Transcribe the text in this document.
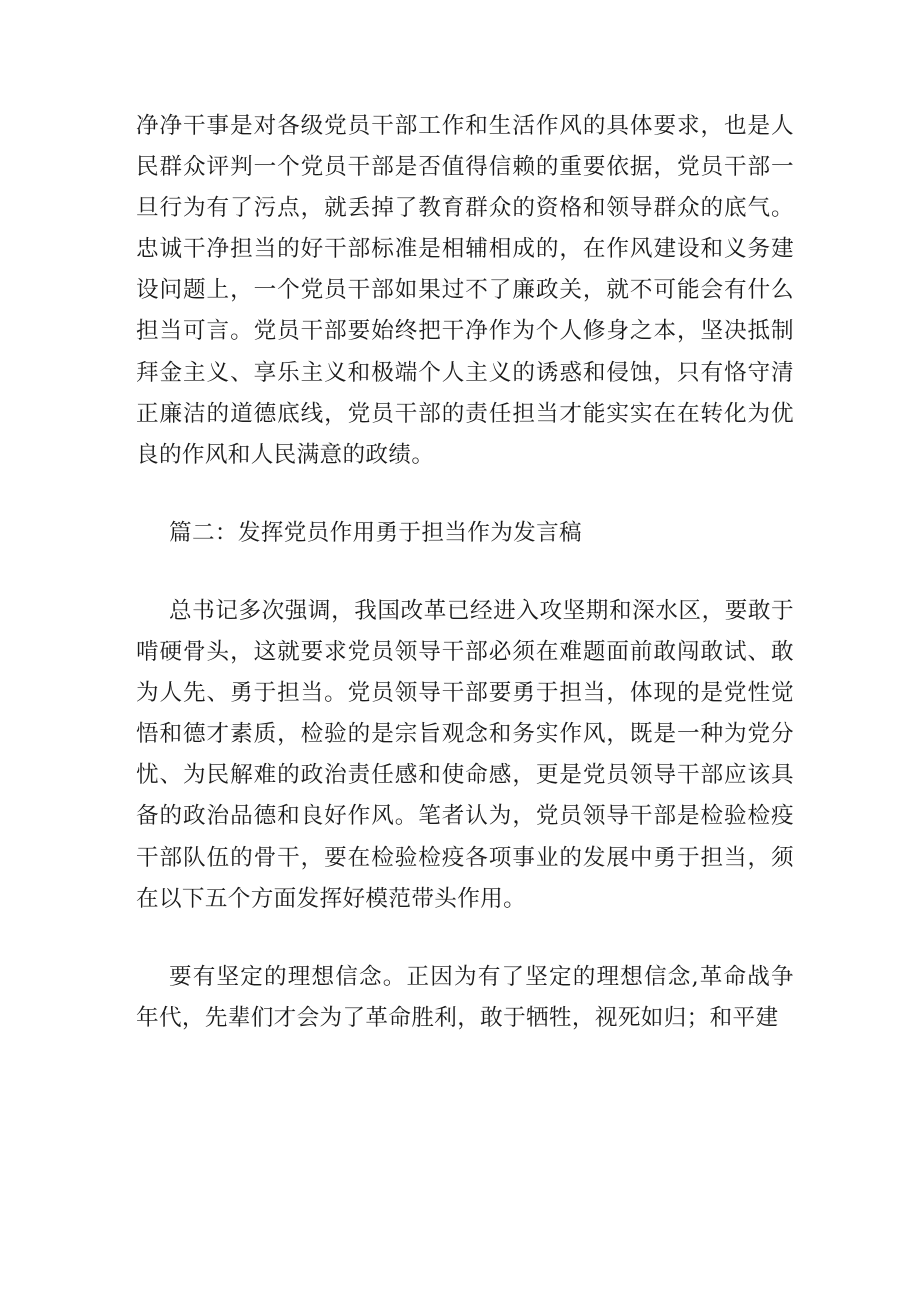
净净干事是对各级党员干部工作和生活作风的具体要求，也是人民群众评判一个党员干部是否值得信赖的重要依据，党员干部一旦行为有了污点，就丢掉了教育群众的资格和领导群众的底气。忠诚干净担当的好干部标准是相辅相成的，在作风建设和义务建设问题上，一个党员干部如果过不了廉政关，就不可能会有什么担当可言。党员干部要始终把干净作为个人修身之本，坚决抵制拜金主义、享乐主义和极端个人主义的诱惑和侵蚀，只有恪守清正廉洁的道德底线，党员干部的责任担当才能实实在在转化为优良的作风和人民满意的政绩。

篇二：发挥党员作用勇于担当作为发言稿

总书记多次强调，我国改革已经进入攻坚期和深水区，要敢于啃硬骨头，这就要求党员领导干部必须在难题面前敢闯敢试、敢为人先、勇于担当。党员领导干部要勇于担当，体现的是党性觉悟和德才素质，检验的是宗旨观念和务实作风，既是一种为党分忧、为民解难的政治责任感和使命感，更是党员领导干部应该具备的政治品德和良好作风。笔者认为，党员领导干部是检验检疫干部队伍的骨干，要在检验检疫各项事业的发展中勇于担当，须在以下五个方面发挥好模范带头作用。

要有坚定的理想信念。正因为有了坚定的理想信念,革命战争年代，先辈们才会为了革命胜利，敢于牺牲，视死如归；和平建
